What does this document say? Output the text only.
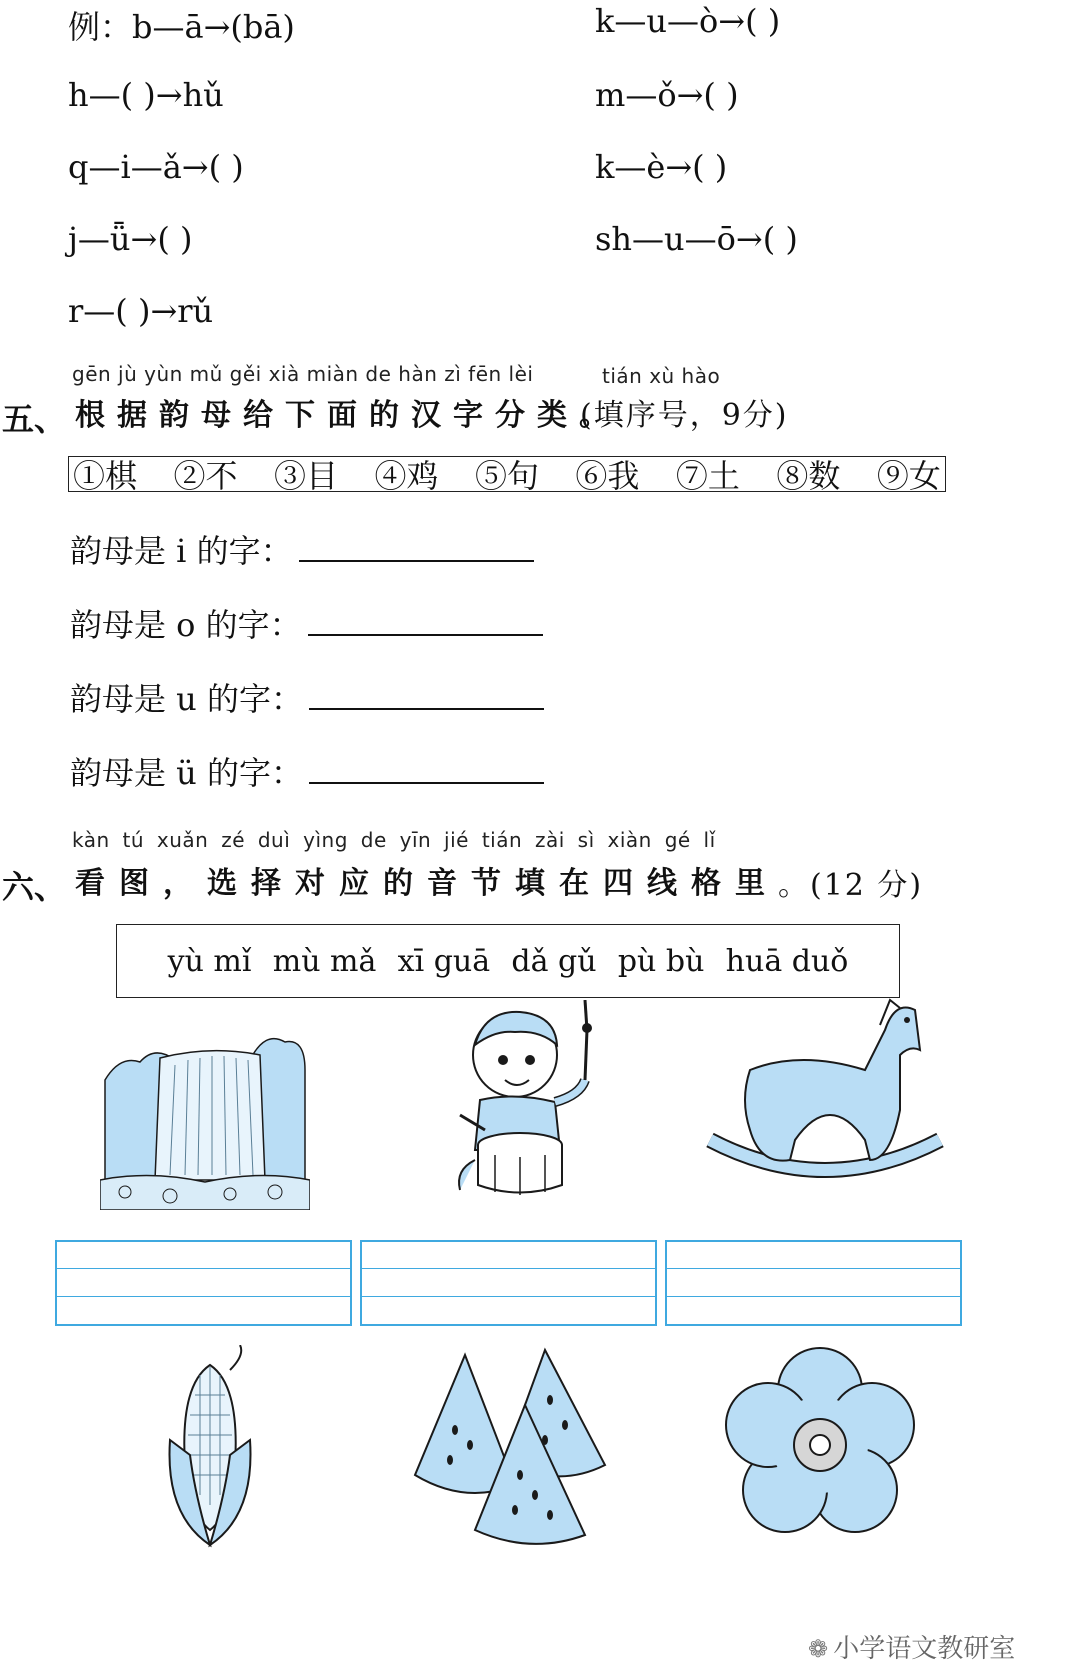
例：b—ā→(bā)
h—( )→hǔ
q—i—ǎ→( )
j—ǖ→( )
r—( )→rǔ
k—u—ò→( )
m—ǒ→( )
k—è→( )
sh—u—ō→( )
gēn jù yùn mǔ gěi xià miàn de hàn zì fēn lèi	tián xù hào
五、 根据韵母给下面的汉字分类。
(填序号，9分)
①棋 ②不 ③目 ④鸡 ⑤句 ⑥我 ⑦土 ⑧数 ⑨女
韵母是 i 的字：
韵母是 o 的字：
韵母是 u 的字：
韵母是 ü 的字：
kàn tú xuǎn zé duì yìng de yīn jié tián zài sì xiàn gé lǐ
六、 看图，选择对应的音节填在四线格里 。(12 分)
yù mǐ mù mǎ xī guā dǎ gǔ pù bù huā duǒ
❁ 小学语文教研室
